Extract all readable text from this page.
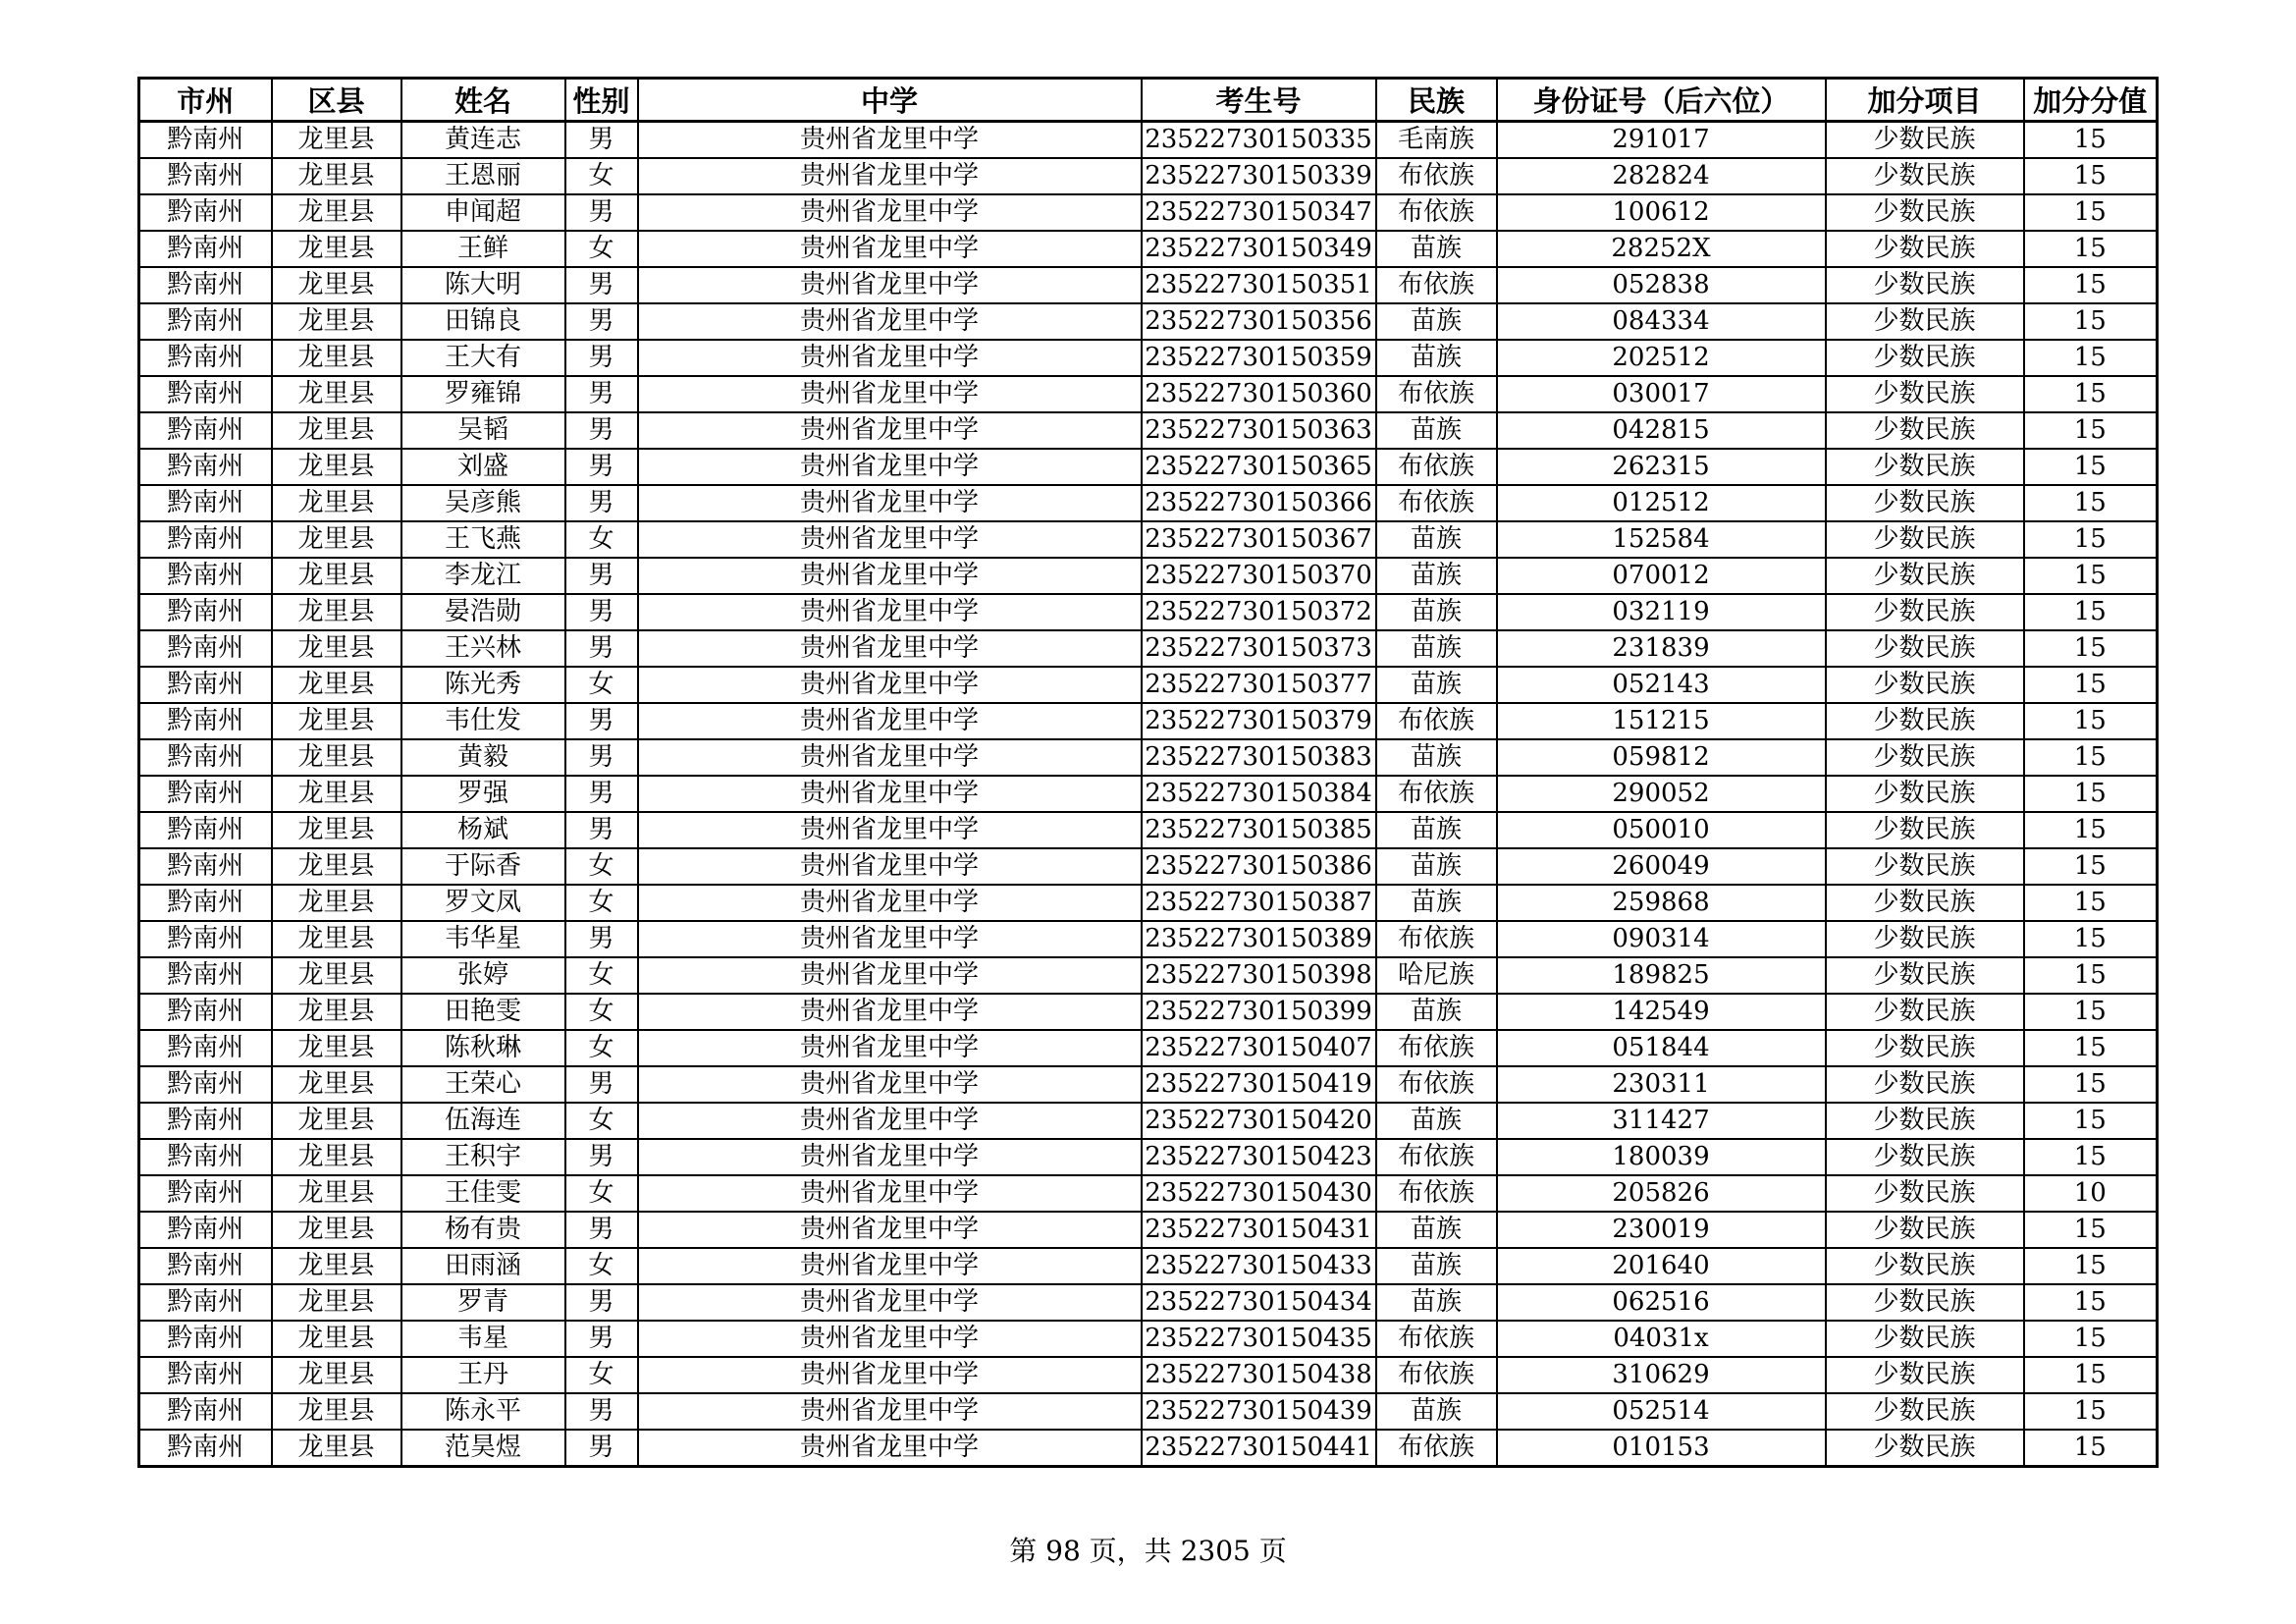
市州	区县	姓名	性别	中学	考生号	民族	身份证号（后六位）	加分项目	加分分值
黔南州	龙里县	黄连志	男	贵州省龙里中学	23522730150335	毛南族	291017	少数民族	15
黔南州	龙里县	王恩丽	女	贵州省龙里中学	23522730150339	布依族	282824	少数民族	15
黔南州	龙里县	申闻超	男	贵州省龙里中学	23522730150347	布依族	100612	少数民族	15
黔南州	龙里县	王鲜	女	贵州省龙里中学	23522730150349	苗族	28252X	少数民族	15
黔南州	龙里县	陈大明	男	贵州省龙里中学	23522730150351	布依族	052838	少数民族	15
黔南州	龙里县	田锦良	男	贵州省龙里中学	23522730150356	苗族	084334	少数民族	15
黔南州	龙里县	王大有	男	贵州省龙里中学	23522730150359	苗族	202512	少数民族	15
黔南州	龙里县	罗雍锦	男	贵州省龙里中学	23522730150360	布依族	030017	少数民族	15
黔南州	龙里县	吴韬	男	贵州省龙里中学	23522730150363	苗族	042815	少数民族	15
黔南州	龙里县	刘盛	男	贵州省龙里中学	23522730150365	布依族	262315	少数民族	15
黔南州	龙里县	吴彦熊	男	贵州省龙里中学	23522730150366	布依族	012512	少数民族	15
黔南州	龙里县	王飞燕	女	贵州省龙里中学	23522730150367	苗族	152584	少数民族	15
黔南州	龙里县	李龙江	男	贵州省龙里中学	23522730150370	苗族	070012	少数民族	15
黔南州	龙里县	晏浩勋	男	贵州省龙里中学	23522730150372	苗族	032119	少数民族	15
黔南州	龙里县	王兴林	男	贵州省龙里中学	23522730150373	苗族	231839	少数民族	15
黔南州	龙里县	陈光秀	女	贵州省龙里中学	23522730150377	苗族	052143	少数民族	15
黔南州	龙里县	韦仕发	男	贵州省龙里中学	23522730150379	布依族	151215	少数民族	15
黔南州	龙里县	黄毅	男	贵州省龙里中学	23522730150383	苗族	059812	少数民族	15
黔南州	龙里县	罗强	男	贵州省龙里中学	23522730150384	布依族	290052	少数民族	15
黔南州	龙里县	杨斌	男	贵州省龙里中学	23522730150385	苗族	050010	少数民族	15
黔南州	龙里县	于际香	女	贵州省龙里中学	23522730150386	苗族	260049	少数民族	15
黔南州	龙里县	罗文凤	女	贵州省龙里中学	23522730150387	苗族	259868	少数民族	15
黔南州	龙里县	韦华星	男	贵州省龙里中学	23522730150389	布依族	090314	少数民族	15
黔南州	龙里县	张婷	女	贵州省龙里中学	23522730150398	哈尼族	189825	少数民族	15
黔南州	龙里县	田艳雯	女	贵州省龙里中学	23522730150399	苗族	142549	少数民族	15
黔南州	龙里县	陈秋琳	女	贵州省龙里中学	23522730150407	布依族	051844	少数民族	15
黔南州	龙里县	王荣心	男	贵州省龙里中学	23522730150419	布依族	230311	少数民族	15
黔南州	龙里县	伍海连	女	贵州省龙里中学	23522730150420	苗族	311427	少数民族	15
黔南州	龙里县	王积宇	男	贵州省龙里中学	23522730150423	布依族	180039	少数民族	15
黔南州	龙里县	王佳雯	女	贵州省龙里中学	23522730150430	布依族	205826	少数民族	10
黔南州	龙里县	杨有贵	男	贵州省龙里中学	23522730150431	苗族	230019	少数民族	15
黔南州	龙里县	田雨涵	女	贵州省龙里中学	23522730150433	苗族	201640	少数民族	15
黔南州	龙里县	罗青	男	贵州省龙里中学	23522730150434	苗族	062516	少数民族	15
黔南州	龙里县	韦星	男	贵州省龙里中学	23522730150435	布依族	04031x	少数民族	15
黔南州	龙里县	王丹	女	贵州省龙里中学	23522730150438	布依族	310629	少数民族	15
黔南州	龙里县	陈永平	男	贵州省龙里中学	23522730150439	苗族	052514	少数民族	15
黔南州	龙里县	范昊煜	男	贵州省龙里中学	23522730150441	布依族	010153	少数民族	15
第 98 页，共 2305 页
